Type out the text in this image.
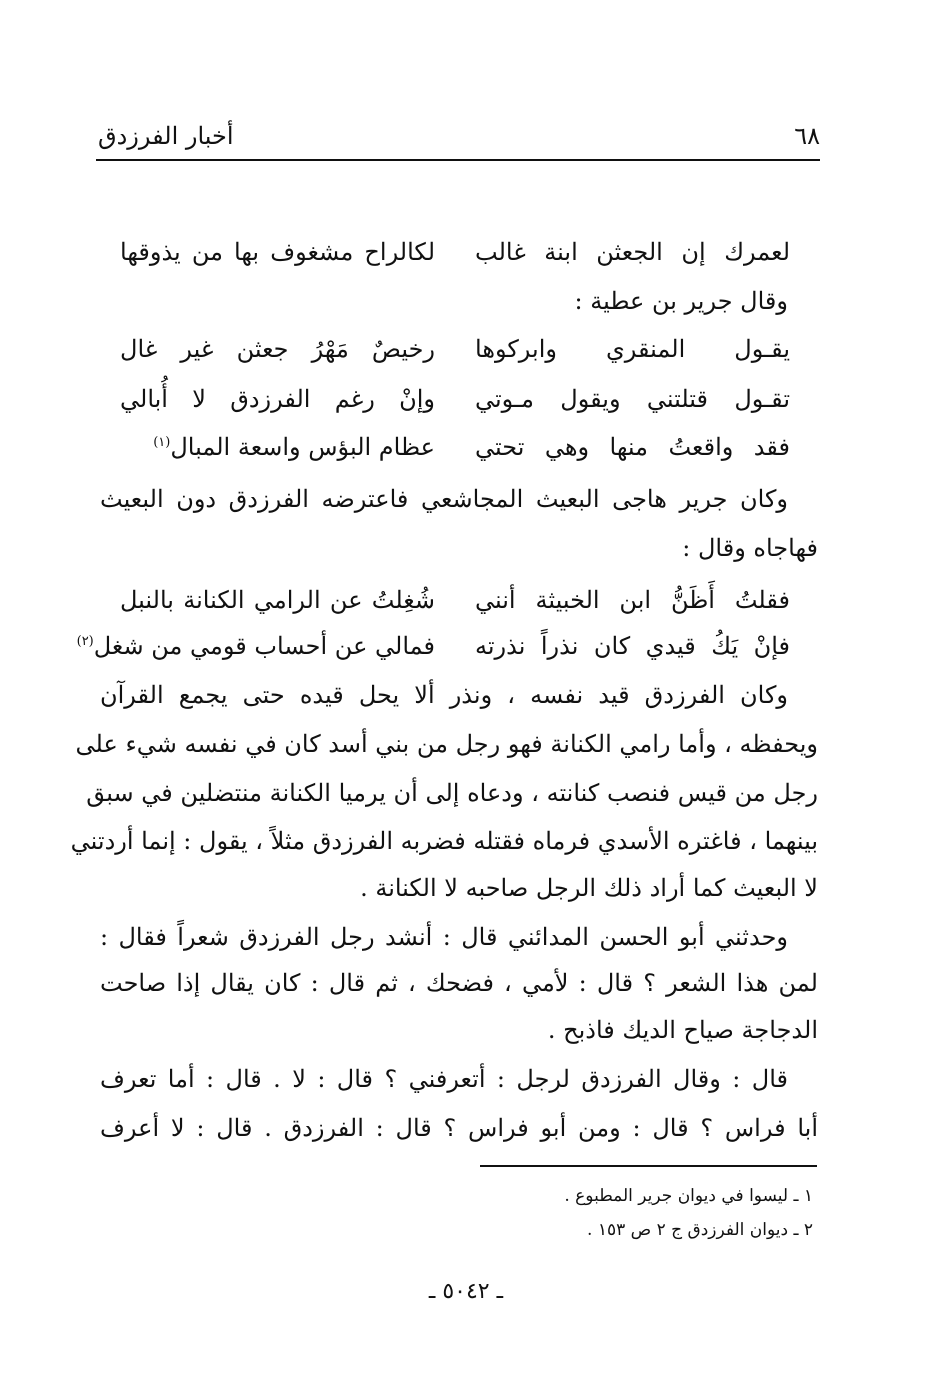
٦٨
أخبار الفرزدق
لعمرك إن الجعثن ابنة غالب
لكالراح مشغوف بها من يذوقها
وقال جرير بن عطية :
يقـول المنقري وابركوها
رخيصٌ مَهْرُ جعثن غير غال
تقـول قتلتني ويقول مـوتي
وإنْ رغم الفرزدق لا أُبالي
فقد واقعتُ منها وهي تحتي
عظام البؤس واسعة المبال$^{(١)}$
وكان جرير هاجى البعيث المجاشعي فاعترضه الفرزدق دون البعيث
فهاجاه وقال :
فقلتُ أَظَنُّ ابن الخبيثة أنني
شُغِلتُ عن الرامي الكنانة بالنبل
فإنْ يَكُ قيدي كان نذراً نذرته
فمالي عن أحساب قومي من شغل$^{(٢)}$
وكان الفرزدق قيد نفسه ، ونذر ألا يحل قيده حتى يجمع القرآن
ويحفظه ، وأما رامي الكنانة فهو رجل من بني أسد كان في نفسه شيء على
رجل من قيس فنصب كنانته ، ودعاه إلى أن يرميا الكنانة منتضلين في سبق
بينهما ، فاغتره الأسدي فرماه فقتله فضربه الفرزدق مثلاً ، يقول : إنما أردتني
لا البعيث كما أراد ذلك الرجل صاحبه لا الكنانة .
وحدثني أبو الحسن المدائني قال : أنشد رجل الفرزدق شعراً فقال :
لمن هذا الشعر ؟ قال : لأمي ، فضحك ، ثم قال : كان يقال إذا صاحت
الدجاجة صياح الديك فاذبح .
قال : وقال الفرزدق لرجل : أتعرفني ؟ قال : لا . قال : أما تعرف
أبا فراس ؟ قال : ومن أبو فراس ؟ قال : الفرزدق . قال : لا أعرف
١ ـ ليسوا في ديوان جرير المطبوع .
٢ ـ ديوان الفرزدق ج ٢ ص ١٥٣ .
ـ ٥٠٤٢ ـ
